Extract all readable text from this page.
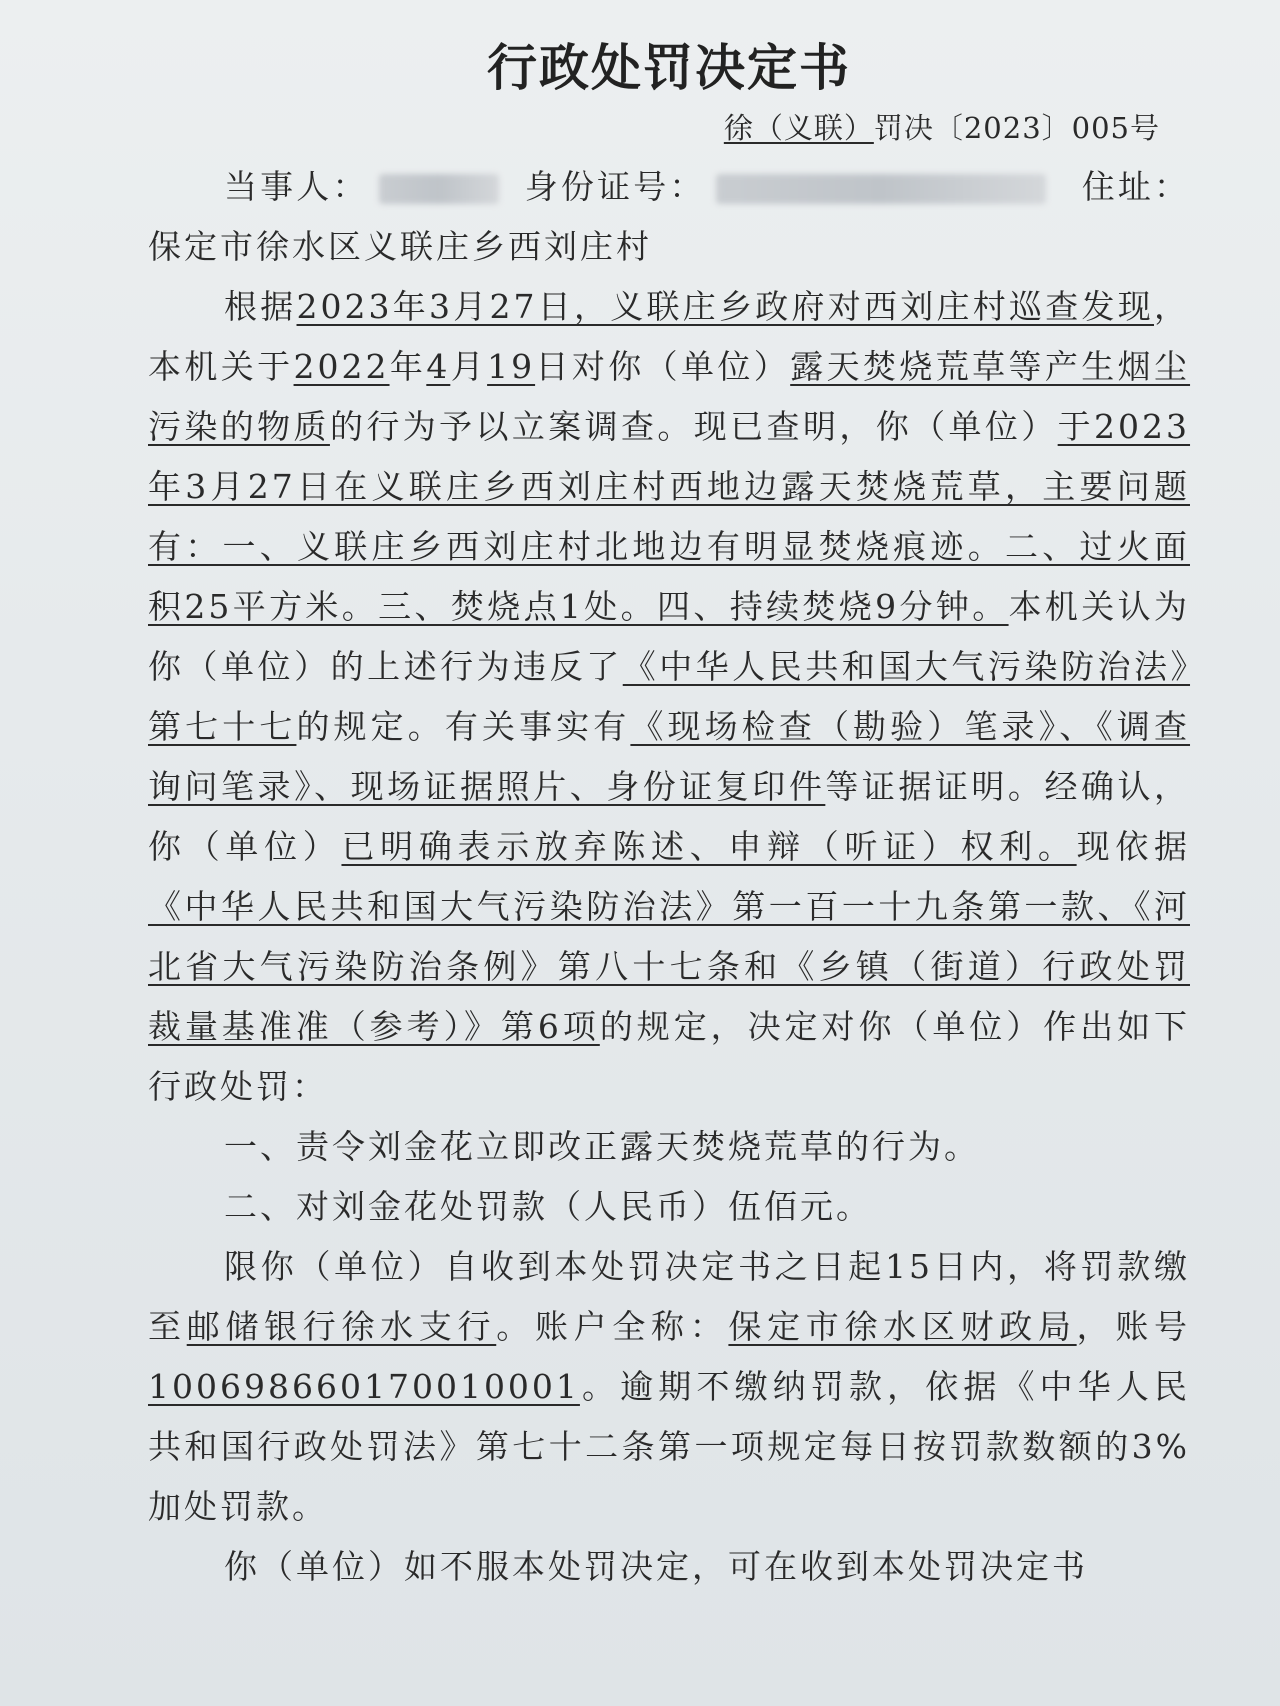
行政处罚决定书
徐（义联）罚决〔2023〕005号

当事人：	身份证号：	住址：保定市徐水区义联庄乡西刘庄村

根据2023年3月27日，义联庄乡政府对西刘庄村巡查发现，本机关于2022年4月19日对你（单位）露天焚烧荒草等产生烟尘污染的物质的行为予以立案调查。现已查明，你（单位）于2023年3月27日在义联庄乡西刘庄村西地边露天焚烧荒草，主要问题有：一、义联庄乡西刘庄村北地边有明显焚烧痕迹。二、过火面积25平方米。三、焚烧点1处。四、持续焚烧9分钟。本机关认为你（单位）的上述行为违反了《中华人民共和国大气污染防治法》第七十七的规定。有关事实有《现场检查（勘验）笔录》、《调查询问笔录》、现场证据照片、身份证复印件等证据证明。经确认，你（单位）已明确表示放弃陈述、申辩（听证）权利。现依据《中华人民共和国大气污染防治法》第一百一十九条第一款、《河北省大气污染防治条例》第八十七条和《乡镇（街道）行政处罚裁量基准准（参考）》第6项的规定，决定对你（单位）作出如下行政处罚：

一、责令刘金花立即改正露天焚烧荒草的行为。

二、对刘金花处罚款（人民币）伍佰元。

限你（单位）自收到本处罚决定书之日起15日内，将罚款缴至邮储银行徐水支行。账户全称：保定市徐水区财政局，账号100698660170010001。逾期不缴纳罚款，依据《中华人民共和国行政处罚法》第七十二条第一项规定每日按罚款数额的3%加处罚款。

你（单位）如不服本处罚决定，可在收到本处罚决定书
